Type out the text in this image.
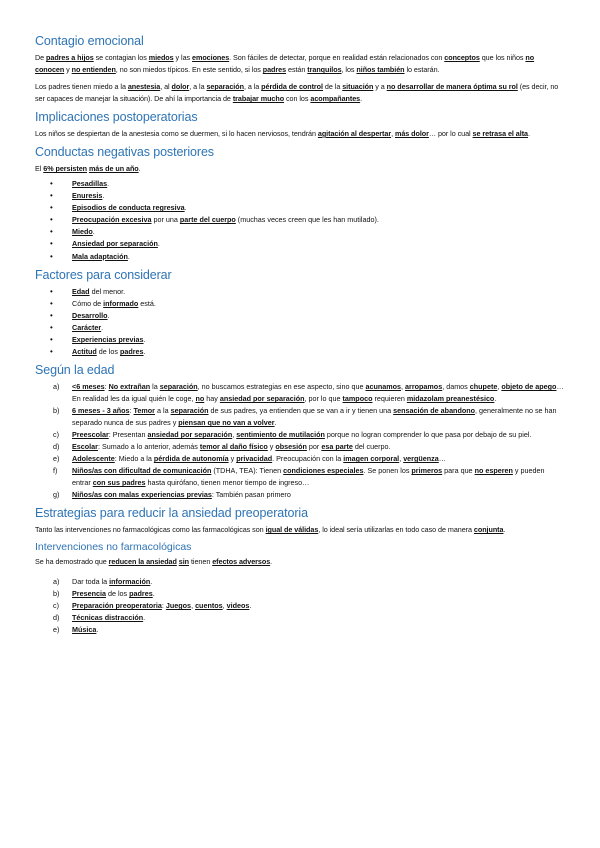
Contagio emocional

De padres a hijos se contagian los miedos y las emociones. Son fáciles de detectar, porque en realidad están relacionados con conceptos que los niños no conocen y no entienden, no son miedos típicos. En este sentido, si los padres están tranquilos, los niños también lo estarán.

Los padres tienen miedo a la anestesia, al dolor, a la separación, a la pérdida de control de la situación y a no desarrollar de manera óptima su rol (es decir, no ser capaces de manejar la situación). De ahí la importancia de trabajar mucho con los acompañantes.

Implicaciones postoperatorias

Los niños se despiertan de la anestesia como se duermen, si lo hacen nerviosos, tendrán agitación al despertar, más dolor… por lo cual se retrasa el alta.

Conductas negativas posteriores

El 6% persisten más de un año.

• Pesadillas.
• Enuresis.
• Episodios de conducta regresiva.
• Preocupación excesiva por una parte del cuerpo (muchas veces creen que les han mutilado).
• Miedo.
• Ansiedad por separación.
• Mala adaptación.
Factores para considerar
• Edad del menor.
• Cómo de informado está.
• Desarrollo.
• Carácter.
• Experiencias previas.
• Actitud de los padres.
Según la edad
a) <6 meses: No extrañan la separación, no buscamos estrategias en ese aspecto, sino que acunamos, arropamos, damos chupete, objeto de apego… En realidad les da igual quién le coge, no hay ansiedad por separación, por lo que tampoco requieren midazolam preanestésico.
b) 6 meses - 3 años: Temor a la separación de sus padres, ya entienden que se van a ir y tienen una sensación de abandono, generalmente no se han separado nunca de sus padres y piensan que no van a volver.
c) Preescolar: Presentan ansiedad por separación, sentimiento de mutilación porque no logran comprender lo que pasa por debajo de su piel.
d) Escolar: Sumado a lo anterior, además temor al daño físico y obsesión por esa parte del cuerpo.
e) Adolescente: Miedo a la pérdida de autonomía y privacidad. Preocupación con la imagen corporal, vergüenza…
f) Niños/as con dificultad de comunicación (TDHA, TEA): Tienen condiciones especiales. Se ponen los primeros para que no esperen y pueden entrar con sus padres hasta quirófano, tienen menor tiempo de ingreso…
g) Niños/as con malas experiencias previas: También pasan primero
Estrategias para reducir la ansiedad preoperatoria

Tanto las intervenciones no farmacológicas como las farmacológicas son igual de válidas, lo ideal sería utilizarlas en todo caso de manera conjunta.

Intervenciones no farmacológicas

Se ha demostrado que reducen la ansiedad sin tienen efectos adversos.

a) Dar toda la información.
b) Presencia de los padres.
c) Preparación preoperatoria: Juegos, cuentos, videos.
d) Técnicas distracción.
e) Música.
